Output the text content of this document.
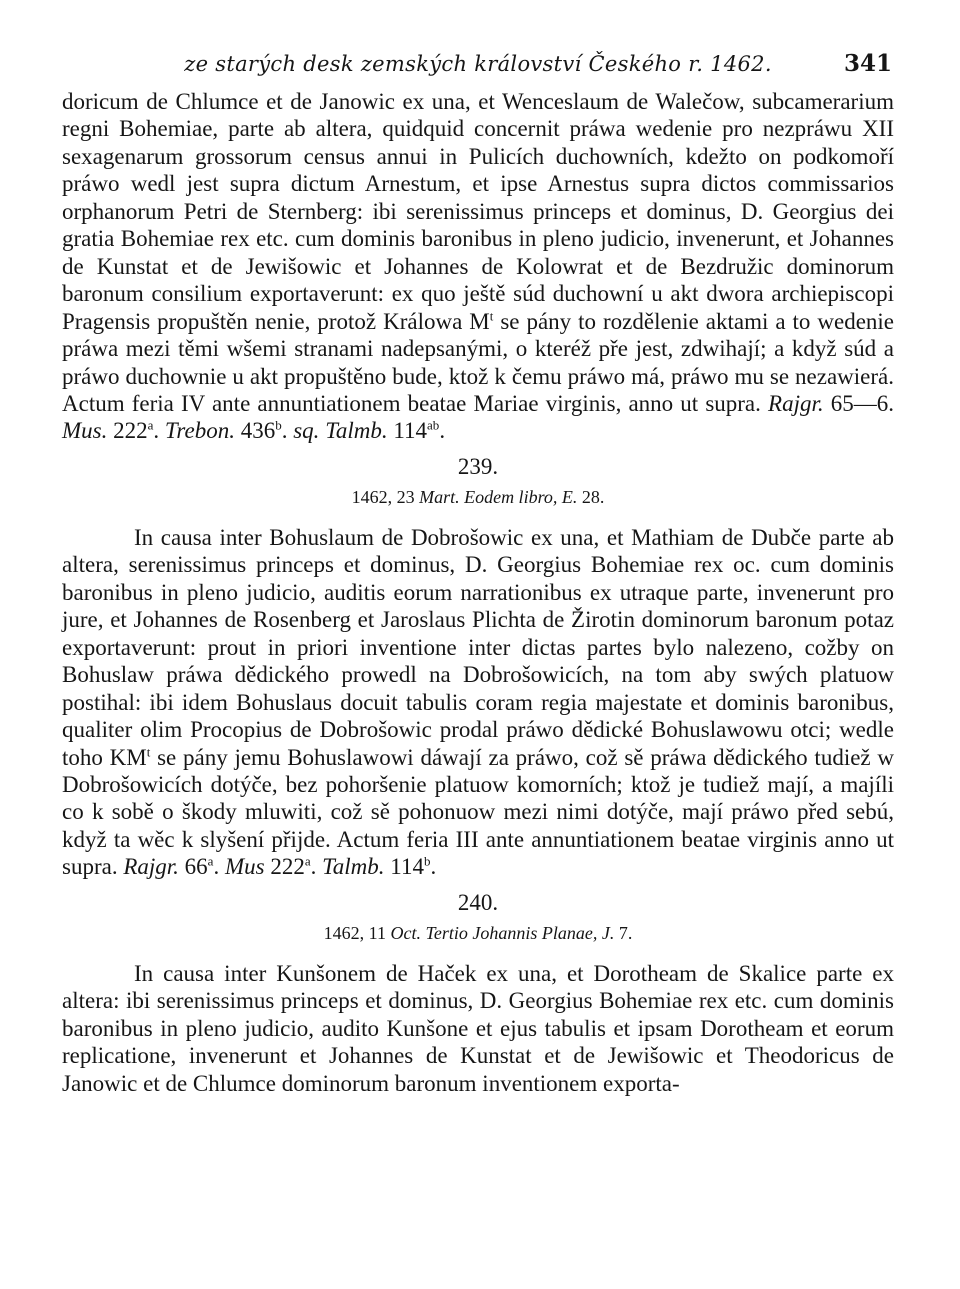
ze starých desk zemských království Českého r. 1462.	341

doricum de Chlumce et de Janowic ex una, et Wenceslaum de Walečow, subcamerarium regni Bohemiae, parte ab altera, quidquid concernit práwa wedenie pro nezpráwu XII sexagenarum grossorum census annui in Pulicích duchowních, kdežto on podkomoří práwo wedl jest supra dictum Arnestum, et ipse Arnestus supra dictos commissarios orphanorum Petri de Sternberg: ibi serenissimus princeps et dominus, D. Georgius dei gratia Bohemiae rex etc. cum dominis baronibus in pleno judicio, invenerunt, et Johannes de Kunstat et de Jewišowic et Johannes de Kolowrat et de Bezdružic dominorum baronum consilium exportaverunt: ex quo ještě súd duchowní u akt dwora archiepiscopi Pragensis propuštěn nenie, protož Králowa $M^t$ se pány to rozdělenie aktami a to wedenie práwa mezi těmi wšemi stranami nadepsanými, o kteréž pře jest, zdwihají; a když súd a práwo duchownie u akt propuštěno bude, ktož k čemu práwo má, práwo mu se nezawierá. Actum feria IV ante annuntiationem beatae Mariae virginis, anno ut supra. Rajgr. 65—6. Mus. 222$^a$. Trebon. 436$^b$. sq. Talmb. $114^{ab}$.

239.
1462, 23 Mart. Eodem libro, E. 28.

In causa inter Bohuslaum de Dobrošowic ex una, et Mathiam de Dubče parte ab altera, serenissimus princeps et dominus, D. Georgius Bohemiae rex oc. cum dominis baronibus in pleno judicio, auditis eorum narrationibus ex utraque parte, invenerunt pro jure, et Johannes de Rosenberg et Jaroslaus Plichta de Žirotin dominorum baronum potaz exportaverunt: prout in priori inventione inter dictas partes bylo nalezeno, cožby on Bohuslaw práwa dědického prowedl na Dobrošowicích, na tom aby swých platuow postihal: ibi idem Bohuslaus docuit tabulis coram regia majestate et dominis baronibus, qualiter olim Procopius de Dobrošowic prodal práwo dědické Bohuslawowu otci; wedle toho $KM^t$ se pány jemu Bohuslawowi dáwají za práwo, což sě práwa dědického tudiež w Dobrošowicích dotýče, bez pohoršenie platuow komorních; ktož je tudiež mají, a majíli co k sobě o škody mluwiti, což sě pohonuow mezi nimi dotýče, mají práwo před sebú, když ta wěc k slyšení přijde. Actum feria III ante annuntiationem beatae virginis anno ut supra. Rajgr. 66$^a$. Mus 222$^a$. Talmb. 114$^b$.

240.
1462, 11 Oct. Tertio Johannis Planae, J. 7.

In causa inter Kunšonem de Haček ex una, et Dorotheam de Skalice parte ex altera: ibi serenissimus princeps et dominus, D. Georgius Bohemiae rex etc. cum dominis baronibus in pleno judicio, audito Kunšone et ejus tabulis et ipsam Dorotheam et eorum replicatione, invenerunt et Johannes de Kunstat et de Jewišowic et Theodoricus de Janowic et de Chlumce dominorum baronum inventionem exporta-
